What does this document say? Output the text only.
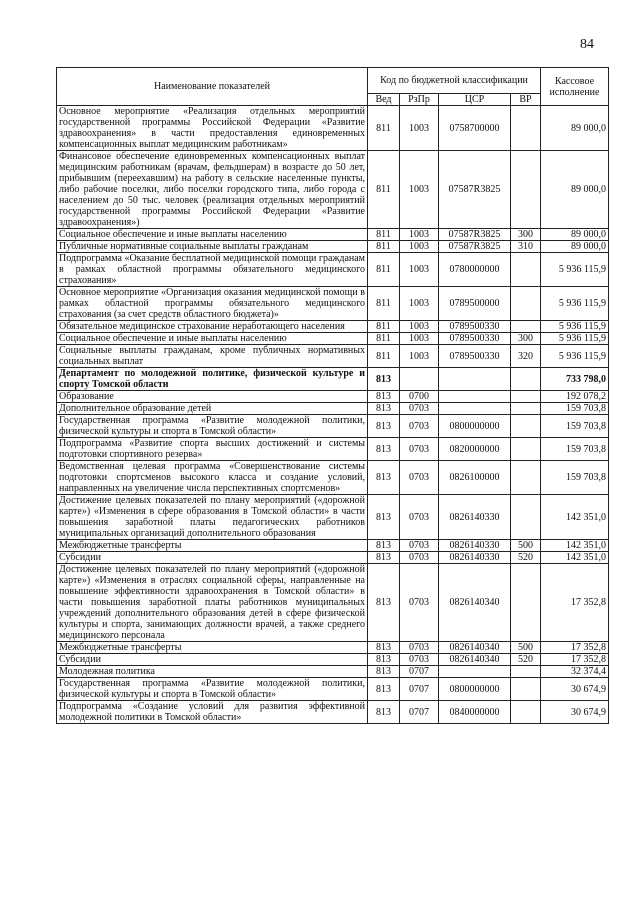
84
Наименование показателей	Код по бюджетной классификации				Кассовое исполнение
	Вед	РзПр	ЦСР	ВР	
Основное мероприятие «Реализация отдельных мероприятий государственной программы Российской Федерации «Развитие здравоохранения» в части предоставления единовременных компенсационных выплат медицинским работникам»	811	1003	0758700000		89 000,0
Финансовое обеспечение единовременных компенсационных выплат медицинским работникам (врачам, фельдшерам) в возрасте до 50 лет, прибывшим (переехавшим) на работу в сельские населенные пункты, либо рабочие поселки, либо поселки городского типа, либо города с населением до 50 тыс. человек (реализация отдельных мероприятий государственной программы Российской Федерации «Развитие здравоохранения»)	811	1003	07587R3825		89 000,0
Социальное обеспечение и иные выплаты населению	811	1003	07587R3825	300	89 000,0
Публичные нормативные социальные выплаты гражданам	811	1003	07587R3825	310	89 000,0
Подпрограмма «Оказание бесплатной медицинской помощи гражданам в рамках областной программы обязательного медицинского страхования»	811	1003	0780000000		5 936 115,9
Основное мероприятие «Организация оказания медицинской помощи в рамках областной программы обязательного медицинского страхования (за счет средств областного бюджета)»	811	1003	0789500000		5 936 115,9
Обязательное медицинское страхование неработающего населения	811	1003	0789500330		5 936 115,9
Социальное обеспечение и иные выплаты населению	811	1003	0789500330	300	5 936 115,9
Социальные выплаты гражданам, кроме публичных нормативных социальных выплат	811	1003	0789500330	320	5 936 115,9
Департамент по молодежной политике, физической культуре и спорту Томской области	813				733 798,0
Образование	813	0700			192 078,2
Дополнительное образование детей	813	0703			159 703,8
Государственная программа «Развитие молодежной политики, физической культуры и спорта в Томской области»	813	0703	0800000000		159 703,8
Подпрограмма «Развитие спорта высших достижений и системы подготовки спортивного резерва»	813	0703	0820000000		159 703,8
Ведомственная целевая программа «Совершенствование системы подготовки спортсменов высокого класса и создание условий, направленных на увеличение числа перспективных спортсменов»	813	0703	0826100000		159 703,8
Достижение целевых показателей по плану мероприятий («дорожной карте») «Изменения в сфере образования в Томской области» в части повышения заработной платы педагогических работников муниципальных организаций дополнительного образования	813	0703	0826140330		142 351,0
Межбюджетные трансферты	813	0703	0826140330	500	142 351,0
Субсидии	813	0703	0826140330	520	142 351,0
Достижение целевых показателей по плану мероприятий («дорожной карте») «Изменения в отраслях социальной сферы, направленные на повышение эффективности здравоохранения в Томской области» в части повышения заработной платы работников муниципальных учреждений дополнительного образования детей в сфере физической культуры и спорта, занимающих должности врачей, а также среднего медицинского персонала	813	0703	0826140340		17 352,8
Межбюджетные трансферты	813	0703	0826140340	500	17 352,8
Субсидии	813	0703	0826140340	520	17 352,8
Молодежная политика	813	0707			32 374,4
Государственная программа «Развитие молодежной политики, физической культуры и спорта в Томской области»	813	0707	0800000000		30 674,9
Подпрограмма «Создание условий для развития эффективной молодежной политики в Томской области»	813	0707	0840000000		30 674,9
